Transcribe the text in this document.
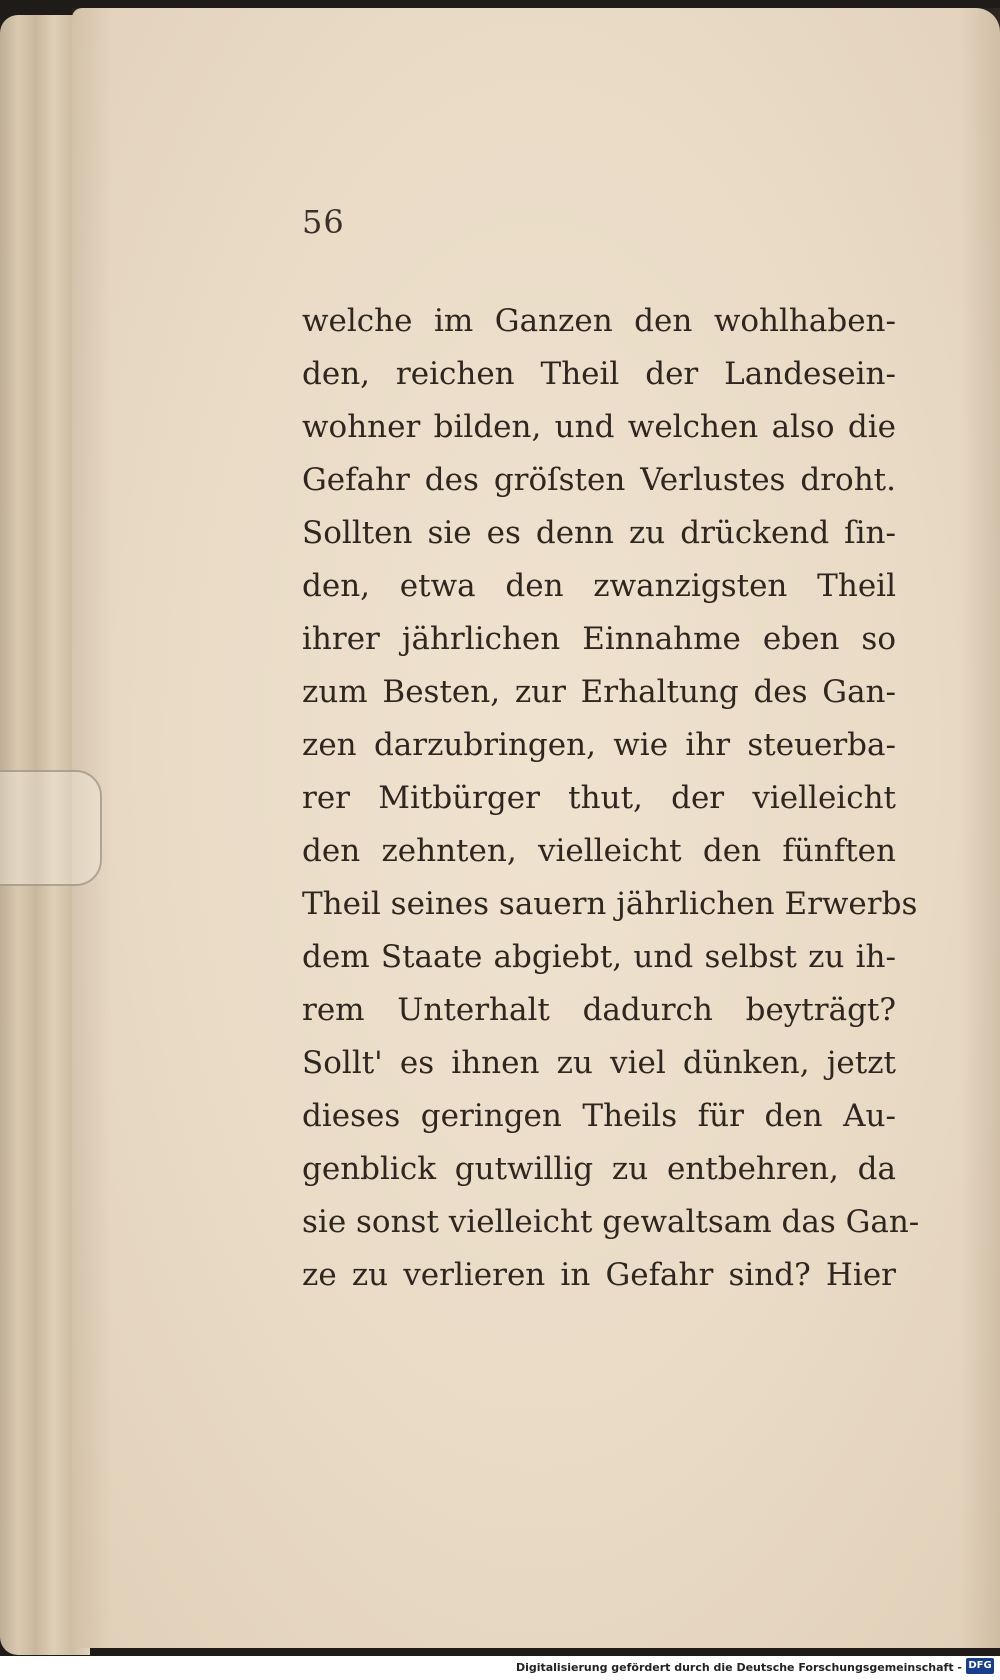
56
welche im Ganzen den wohlhaben-
den, reichen Theil der Landesein-
wohner bilden, und welchen also die
Gefahr des gröſsten Verlustes droht.
Sollten sie es denn zu drückend ſin-
den, etwa den zwanzigsten Theil
ihrer jährlichen Einnahme eben so
zum Besten, zur Erhaltung des Gan-
zen darzubringen, wie ihr steuerba-
rer Mitbürger thut, der vielleicht
den zehnten, vielleicht den fünften
Theil seines sauern jährlichen Erwerbs
dem Staate abgiebt, und selbst zu ih-
rem Unterhalt dadurch beyträgt?
Sollt' es ihnen zu viel dünken, jetzt
dieses geringen Theils für den Au-
genblick gutwillig zu entbehren, da
sie sonst vielleicht gewaltsam das Gan-
ze zu verlieren in Gefahr sind? Hier
Digitalisierung gefördert durch die Deutsche Forschungsgemeinschaft - DFG
